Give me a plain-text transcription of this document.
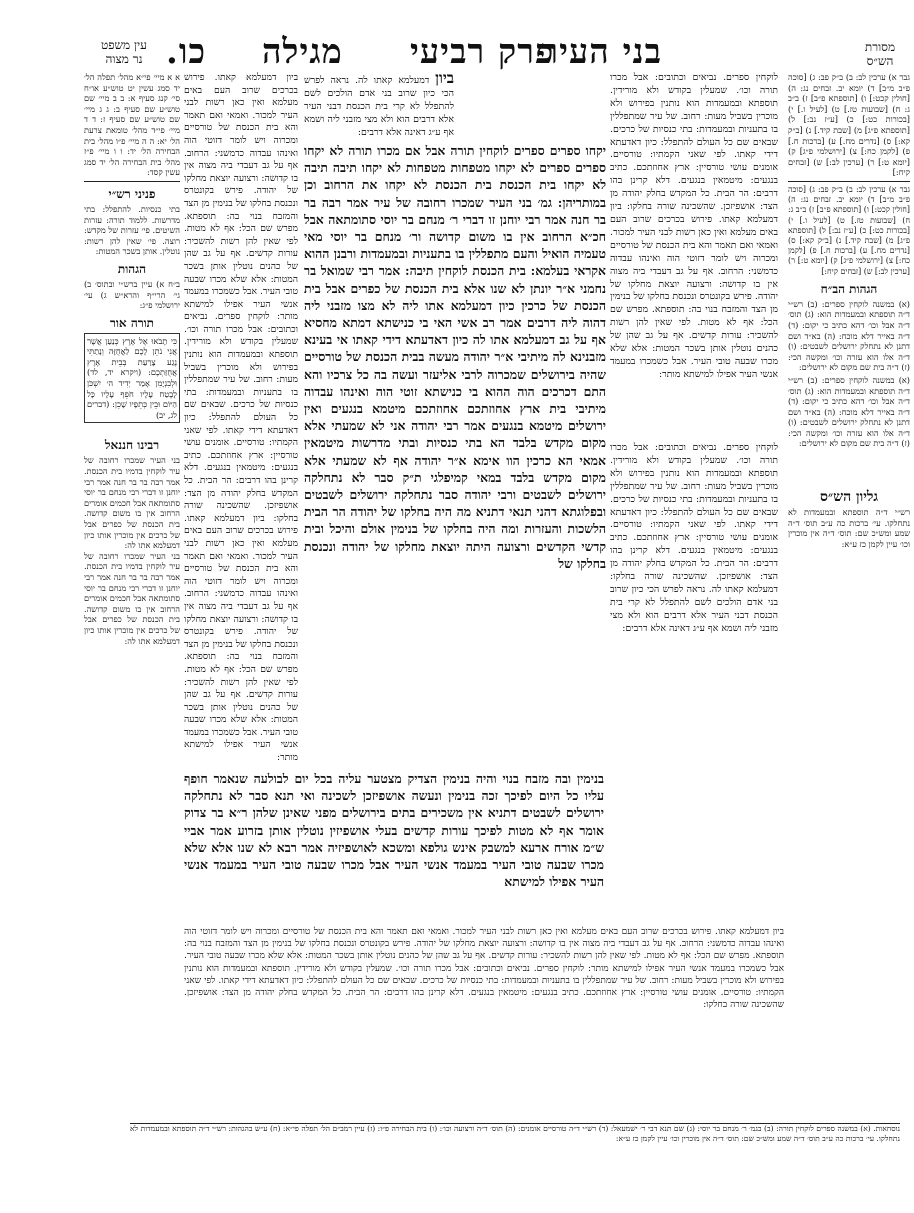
מסורת הש״ס
בני העיר
פרק רביעי
מגילה
כו.
עין משפט
נר מצוה
גבר א) ערכין לב: ב) ב״ק פב: ג) [סוכה פ״ב מ״ב] ד) יומא יב. זבחים נג: ה) [חולין קכט:] ו) [תוספתא פ״ב] ז) ב״ב ג: ח) [שבועות טז.] ט) [לעיל ו.] י) [בכורות כט:] כ) [ע״ז נב:] ל) [תוספתא פ״ג] מ) [שבת קיד.] נ) [ב״ק קא:] ס) [נדרים מח.] ע) [ברכות ח.] פ) [לקמן כח:] צ) [ירושלמי פ״ג] ק) [יומא ט:] ר) [ערכין לב:] ש) [זבחים קיח:]
גבר א) ערכין לב: ב) ב״ק פב: ג) [סוכה פ״ב מ״ב] ד) יומא יב. זבחים נג: ה) [חולין קכט:] ו) [תוספתא פ״ב] ז) ב״ב ג: ח) [שבועות טז.] ט) [לעיל ו.] י) [בכורות כט:] כ) [ע״ז נב:] ל) [תוספתא פ״ג] מ) [שבת קיד.] נ) [ב״ק קא:] ס) [נדרים מח.] ע) [ברכות ח.] פ) [לקמן כח:] צ) [ירושלמי פ״ג] ק) [יומא ט:] ר) [ערכין לב:] ש) [זבחים קיח:]
הגהות הב״ח
(א) במשנה לוקחין ספרים: (ב) רש״י ד״ה תוספתא ובמעמדות הוא: (ג) תוס׳ ד״ה אבל וכו׳ דהא כתיב כי יקום: (ד) ד״ה באייר דלא מוכח: (ה) בא״ד ושם דתנן לא נתחלק ירושלים לשבטים: (ו) ד״ה אלו הוא עזרה וכו׳ ומקשה הכי: (ז) ד״ה בית שם מקום לא ירושלים:
(א) במשנה לוקחין ספרים: (ב) רש״י ד״ה תוספתא ובמעמדות הוא: (ג) תוס׳ ד״ה אבל וכו׳ דהא כתיב כי יקום: (ד) ד״ה באייר דלא מוכח: (ה) בא״ד ושם דתנן לא נתחלק ירושלים לשבטים: (ו) ד״ה אלו הוא עזרה וכו׳ ומקשה הכי: (ז) ד״ה בית שם מקום לא ירושלים:
גליון הש״ס
רש״י ד״ה תוספתא ובמעמדות לא נתחלקו. עי׳ ברכות כה ע״ב תוס׳ ד״ה שמע ומש״כ שם: תוס׳ ד״ה אין מוכרין וכו׳ עיין לקמן כז ע״א:
לוקחין ספרים. נביאים וכתובים: אבל מכרו תורה וכו׳. שמעלין בקודש ולא מורידין. תוספתא ובמעמדות הוא נותנין בפירוש ולא מוכרין בשביל מעות: רחוב. של עיר שמתפללין בו בתעניות ובמעמדות: בתי כנסיות של כרכים. שבאים שם כל העולם להתפלל: כיון דאדעתא דידי קאתו. לפי שאני הקמתיו: טורסיים. אומנים עושי טורסיין: ארץ אחוזתכם. כתיב בנגעים: מיטמאין בנגעים. דלא קרינן בהו דרבים: הר הבית. כל המקדש בחלק יהודה מן הצד: אושפיזכן. שהשכינה שורה בחלקו: ביון דמעלמא קאתו. פירוש בכרכים שרוב העם באים מעלמא ואין כאן רשות לבני העיר למכור. ואמאי ואם תאמר והא בית הכנסת של טורסיים ומכרוה ויש לומר דזוטי הוה ואינהו עבדוה כדמשני: הרחוב. אף על גב דעבדי ביה מצוה אין בו קדושה: ורצועה יוצאת מחלקו של יהודה. פירש בקונטרס ונכנסת בחלקו של בנימין מן הצד והמזבח בנוי בה: תוספתא. מפרש שם הכל: אף לא מטות. לפי שאין להן רשות להשכיר: עורות קדשים. אף על גב שהן של כהנים נוטלין אותן בשכר המטות: אלא שלא מכרו שבעה טובי העיר. אבל כשמכרו במעמד אנשי העיר אפילו למישתא מותר:
לוקחין ספרים. נביאים וכתובים: אבל מכרו תורה וכו׳. שמעלין בקודש ולא מורידין. תוספתא ובמעמדות הוא נותנין בפירוש ולא מוכרין בשביל מעות: רחוב. של עיר שמתפללין בו בתעניות ובמעמדות: בתי כנסיות של כרכים. שבאים שם כל העולם להתפלל: כיון דאדעתא דידי קאתו. לפי שאני הקמתיו: טורסיים. אומנים עושי טורסיין: ארץ אחוזתכם. כתיב בנגעים: מיטמאין בנגעים. דלא קרינן בהו דרבים: הר הבית. כל המקדש בחלק יהודה מן הצד: אושפיזכן. שהשכינה שורה בחלקו: דמעלמא קאתו לה. נראה לפרש הכי כיון שרוב בני אדם הולכים לשם להתפלל לא קרי בית הכנסת דבני העיר אלא דרבים הוא ולא מצי מזבני ליה ושמא אף ע״ג דאינה אלא דרבים:
ביון דמעלמא קאתו לה. נראה לפרש הכי כיון שרוב בני אדם הולכים לשם להתפלל לא קרי בית הכנסת דבני העיר אלא דרבים הוא ולא מצי מזבני ליה ושמא אף ע״ג דאינה אלא דרבים:
יקחו ספרים ספרים לוקחין תורה אבל אם מכרו תורה לא יקחו ספרים ספרים לא יקחו מטפחות מטפחות לא יקחו תיבה תיבה לא יקחו בית הכנסת בית הכנסת לא יקחו את הרחוב וכן במותריהן: גמ׳ בני העיר שמכרו רחובה של עיר אמר רבה בר בר חנה אמר רבי יוחנן זו דברי ר׳ מנחם בר יוסי סתומתאה אבל חכ״א הרחוב אין בו משום קדושה ור׳ מנחם בר יוסי מאי טעמיה הואיל והעם מתפללין בו בתעניות ובמעמדות ורבנן ההוא אקראי בעלמא: בית הכנסת לוקחין תיבה: אמר רבי שמואל בר נחמני א״ר יונתן לא שנו אלא בית הכנסת של כפרים אבל בית הכנסת של כרכין כיון דמעלמא אתו ליה לא מצו מזבני ליה דהוה ליה דרבים אמר רב אשי האי בי כנישתא דמתא מחסיא אף על גב דמעלמא אתו לה כיון דאדעתא דידי קאתו אי בעינא מזבנינא לה מיתיבי א״ר יהודה מעשה בבית הכנסת של טורסיים שהיה בירושלים שמכרוה לרבי אליעזר ועשה בה כל צרכיו והא התם דכרכים הוה ההוא בי כנישתא זוטי הוה ואינהו עבדוה מיתיבי בית ארץ אחוזתכם אחוזתכם מיטמא בנגעים ואין ירושלים מיטמא בנגעים אמר רבי יהודה אני לא שמעתי אלא מקום מקדש בלבד הא בתי כנסיות ובתי מדרשות מיטמאין אמאי הא כרכין הוו אימא א״ר יהודה אף לא שמעתי אלא מקום מקדש בלבד במאי קמיפלגי ת״ק סבר לא נתחלקה ירושלים לשבטים ורבי יהודה סבר נתחלקה ירושלים לשבטים ובפלוגתא דהני תנאי דתניא מה היה בחלקו של יהודה הר הבית הלשכות והעזרות ומה היה בחלקו של בנימין אולם והיכל ובית קדשי הקדשים ורצועה היתה יוצאת מחלקו של יהודה ונכנסת בחלקו של
ביון דמעלמא קאתו. פירוש בכרכים שרוב העם באים מעלמא ואין כאן רשות לבני העיר למכור. ואמאי ואם תאמר והא בית הכנסת של טורסיים ומכרוה ויש לומר דזוטי הוה ואינהו עבדוה כדמשני: הרחוב. אף על גב דעבדי ביה מצוה אין בו קדושה: ורצועה יוצאת מחלקו של יהודה. פירש בקונטרס ונכנסת בחלקו של בנימין מן הצד והמזבח בנוי בה: תוספתא. מפרש שם הכל: אף לא מטות. לפי שאין להן רשות להשכיר: עורות קדשים. אף על גב שהן של כהנים נוטלין אותן בשכר המטות: אלא שלא מכרו שבעה טובי העיר. אבל כשמכרו במעמד אנשי העיר אפילו למישתא מותר: לוקחין ספרים. נביאים וכתובים: אבל מכרו תורה וכו׳. שמעלין בקודש ולא מורידין. תוספתא ובמעמדות הוא נותנין בפירוש ולא מוכרין בשביל מעות: רחוב. של עיר שמתפללין בו בתעניות ובמעמדות: בתי כנסיות של כרכים. שבאים שם כל העולם להתפלל: כיון דאדעתא דידי קאתו. לפי שאני הקמתיו: טורסיים. אומנים עושי טורסיין: ארץ אחוזתכם. כתיב בנגעים: מיטמאין בנגעים. דלא קרינן בהו דרבים: הר הבית. כל המקדש בחלק יהודה מן הצד: אושפיזכן. שהשכינה שורה בחלקו: ביון דמעלמא קאתו. פירוש בכרכים שרוב העם באים מעלמא ואין כאן רשות לבני העיר למכור. ואמאי ואם תאמר והא בית הכנסת של טורסיים ומכרוה ויש לומר דזוטי הוה ואינהו עבדוה כדמשני: הרחוב. אף על גב דעבדי ביה מצוה אין בו קדושה: ורצועה יוצאת מחלקו של יהודה. פירש בקונטרס ונכנסת בחלקו של בנימין מן הצד והמזבח בנוי בה: תוספתא. מפרש שם הכל: אף לא מטות. לפי שאין להן רשות להשכיר: עורות קדשים. אף על גב שהן של כהנים נוטלין אותן בשכר המטות: אלא שלא מכרו שבעה טובי העיר. אבל כשמכרו במעמד אנשי העיר אפילו למישתא מותר:
בנימין ובה מזבח בנוי והיה בנימין הצדיק מצטער עליה בכל יום לבולעה שנאמר חופף עליו כל היום לפיכך זכה בנימין ונעשה אושפיזכן לשכינה ואי תנא סבר לא נתחלקה ירושלים לשבטים דתניא אין משכירים בתים בירושלים מפני שאינן שלהן ר״א בר צדוק אומר אף לא מטות לפיכך עורות קדשים בעלי אושפיזין נוטלין אותן בזרוע אמר אביי ש״מ אורח ארעא למשבק אינש גולפא ומשכא לאושפיזיה אמר רבא לא שנו אלא שלא מכרו שבעה טובי העיר במעמד אנשי העיר אבל מכרו שבעה טובי העיר במעמד אנשי העיר אפילו למישתא
ביון דמעלמא קאתו. פירוש בכרכים שרוב העם באים מעלמא ואין כאן רשות לבני העיר למכור. ואמאי ואם תאמר והא בית הכנסת של טורסיים ומכרוה ויש לומר דזוטי הוה ואינהו עבדוה כדמשני: הרחוב. אף על גב דעבדי ביה מצוה אין בו קדושה: ורצועה יוצאת מחלקו של יהודה. פירש בקונטרס ונכנסת בחלקו של בנימין מן הצד והמזבח בנוי בה: תוספתא. מפרש שם הכל: אף לא מטות. לפי שאין להן רשות להשכיר: עורות קדשים. אף על גב שהן של כהנים נוטלין אותן בשכר המטות: אלא שלא מכרו שבעה טובי העיר. אבל כשמכרו במעמד אנשי העיר אפילו למישתא מותר: לוקחין ספרים. נביאים וכתובים: אבל מכרו תורה וכו׳. שמעלין בקודש ולא מורידין. תוספתא ובמעמדות הוא נותנין בפירוש ולא מוכרין בשביל מעות: רחוב. של עיר שמתפללין בו בתעניות ובמעמדות: בתי כנסיות של כרכים. שבאים שם כל העולם להתפלל: כיון דאדעתא דידי קאתו. לפי שאני הקמתיו: טורסיים. אומנים עושי טורסיין: ארץ אחוזתכם. כתיב בנגעים: מיטמאין בנגעים. דלא קרינן בהו דרבים: הר הבית. כל המקדש בחלק יהודה מן הצד: אושפיזכן. שהשכינה שורה בחלקו:
א א מיי׳ פי״א מהל׳ תפלה הל׳ יד סמג עשין יט טוש״ע או״ח סי׳ קנג סעיף א: ב ב מיי׳ שם טוש״ע שם סעיף ב: ג ג מיי׳ שם טוש״ע שם סעיף ז: ד ד מיי׳ פי״ד מהל׳ טומאת צרעת הל׳ יא: ה ה מיי׳ פ״ו מהל׳ בית הבחירה הל׳ יד: ו ו מיי׳ פ״ז מהל׳ בית הבחירה הל׳ יד סמג עשין קסד:
פניני רש״י
בתי כנסיות. להתפלל: בתי מדרשות. ללמוד תורה: עזרות השיטים. פי׳ עזרות של מקדש: רוצה. פי׳ שאין להן רשות: נוטלין. אותן בשכר המטות:
הגהות
ב״ח א) עיין ברש״י ובתוס׳ ב) גי׳ הרי״ף והרא״ש ג) עי׳ ירושלמי פ״ג:
תורה אור
כִּי תָבֹאוּ אֶל אֶרֶץ כְּנַעַן אֲשֶׁר אֲנִי נֹתֵן לָכֶם לַאֲחֻזָּה וְנָתַתִּי נֶגַע צָרַעַת בְּבֵית אֶרֶץ אֲחֻזַּתְכֶם: (ויקרא יד, לד) וּלְבִנְיָמִן אָמַר יְדִיד ה׳ יִשְׁכֹּן לָבֶטַח עָלָיו חֹפֵף עָלָיו כָּל הַיּוֹם וּבֵין כְּתֵפָיו שָׁכֵן: (דברים לג, יב)
רבינו חננאל
בני העיר שמכרו רחובה של עיר לוקחין בדמיו בית הכנסת. אמר רבה בר בר חנה אמר רבי יוחנן זו דברי רבי מנחם בר יוסי סתומתאה אבל חכמים אומרים הרחוב אין בו משום קדושה. בית הכנסת של כפרים אבל של כרכים אין מוכרין אותו כיון דמעלמא אתו לה:
בני העיר שמכרו רחובה של עיר לוקחין בדמיו בית הכנסת. אמר רבה בר בר חנה אמר רבי יוחנן זו דברי רבי מנחם בר יוסי סתומתאה אבל חכמים אומרים הרחוב אין בו משום קדושה. בית הכנסת של כפרים אבל של כרכים אין מוכרין אותו כיון דמעלמא אתו לה:
נוסחאות. (א) במשנה ספרים לוקחין תורה: (ב) בגמ׳ ר׳ מנחם בר יוסי: (ג) שם תנא דבי ר׳ ישמעאל: (ד) רש״י ד״ה טורסיים אומנים: (ה) תוס׳ ד״ה ורצועה וכו׳: (ו) בית הבחירה פ״ו: (ז) עיין רמב״ם הל׳ תפלה פי״א: (ח) ע״ש בהגהות: רש״י ד״ה תוספתא ובמעמדות לא נתחלקו. עי׳ ברכות כה ע״ב תוס׳ ד״ה שמע ומש״כ שם: תוס׳ ד״ה אין מוכרין וכו׳ עיין לקמן כז ע״א:
